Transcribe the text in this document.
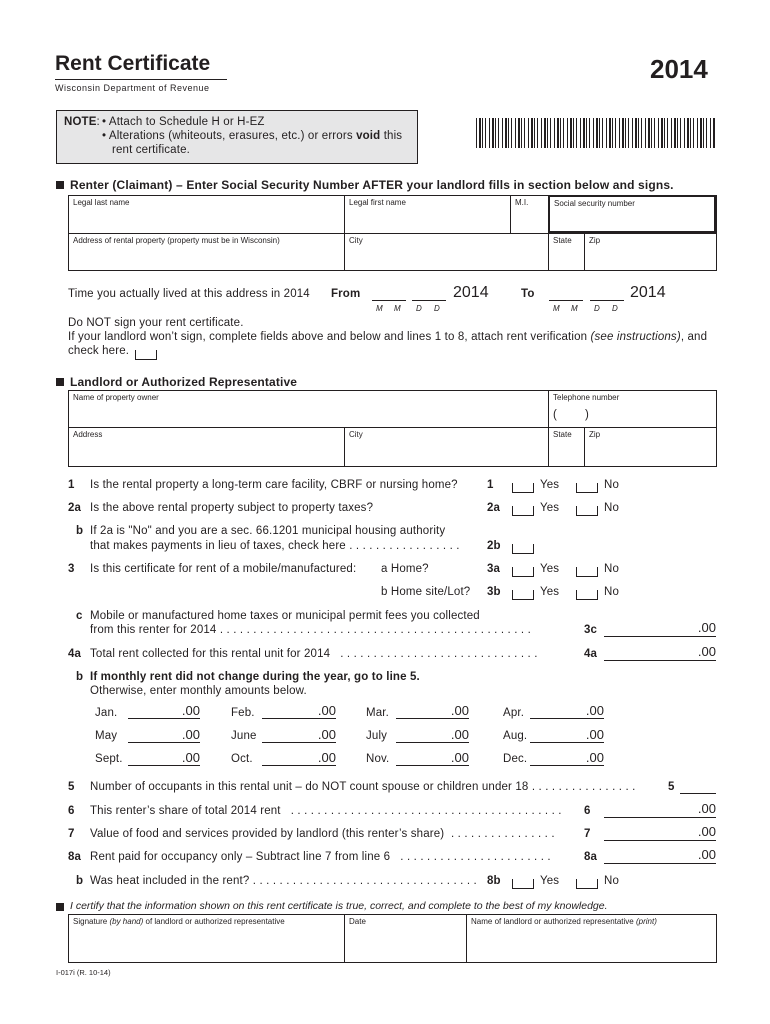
Rent Certificate	2014
Wisconsin Department of Revenue
NOTE: • Attach to Schedule H or H-EZ
• Alterations (whiteouts, erasures, etc.) or errors void this
rent certificate.
Renter (Claimant) – Enter Social Security Number AFTER your landlord fills in section below and signs.
Legal last name	Legal first name	M.I.	Social security number
Address of rental property (property must be in Wisconsin)	City	State Zip
Time you actually lived at this address in 2014 From	2014
M M D D
To	2014
M M D D
Do NOT sign your rent certificate.
If your landlord won’t sign, complete fields above and below and lines 1 to 8, attach rent verification (see instructions), and
check here.
Landlord or Authorized Representative
Name of property owner	Telephone number
( )
Address	City	State Zip
1 Is the rental property a long-term care facility, CBRF or nursing home?	1	Yes	No
2a Is the above rental property subject to property taxes?	2a	Yes	No
b If 2a is "No" and you are a sec. 66.1201 municipal housing authority
that makes payments in lieu of taxes, check here . . . . . . . . . . . . . . . . . 2b
3 Is this certificate for rent of a mobile/manufactured: a Home?	3a	Yes	No
b Home site/Lot? 3b	Yes	No
c Mobile or manufactured home taxes or municipal permit fees you collected
from this renter for 2014 . . . . . . . . . . . . . . . . . . . . . . . . . . . . . . . . . . . . . . . . . . . . . . .	3c	.00
4a Total rent collected for this rental unit for 2014 . . . . . . . . . . . . . . . . . . . . . . . . . . . . . .	4a	.00
b If monthly rent did not change during the year, go to line 5.
Otherwise, enter monthly amounts below.
Jan.	.00	Feb.	.00	Mar.	.00	Apr.	.00
May	.00	June	.00	July	.00	Aug.	.00
Sept.	.00	Oct.	.00	Nov.	.00	Dec.	.00
5 Number of occupants in this rental unit – do NOT count spouse or children under 18 . . . . . . . . . . . . . . . .	5
6 This renter’s share of total 2014 rent . . . . . . . . . . . . . . . . . . . . . . . . . . . . . . . . . . . . . . . . . 6	.00
7 Value of food and services provided by landlord (this renter’s share) . . . . . . . . . . . . . . . .	7	.00
8a Rent paid for occupancy only – Subtract line 7 from line 6 . . . . . . . . . . . . . . . . . . . . . . .	8a	.00
b Was heat included in the rent? . . . . . . . . . . . . . . . . . . . . . . . . . . . . . . . . . . 8b	Yes	No
I certify that the information shown on this rent certificate is true, correct, and complete to the best of my knowledge.
Signature (by hand) of landlord or authorized representative	Date	Name of landlord or authorized representative (print)
I-017i (R. 10-14)
